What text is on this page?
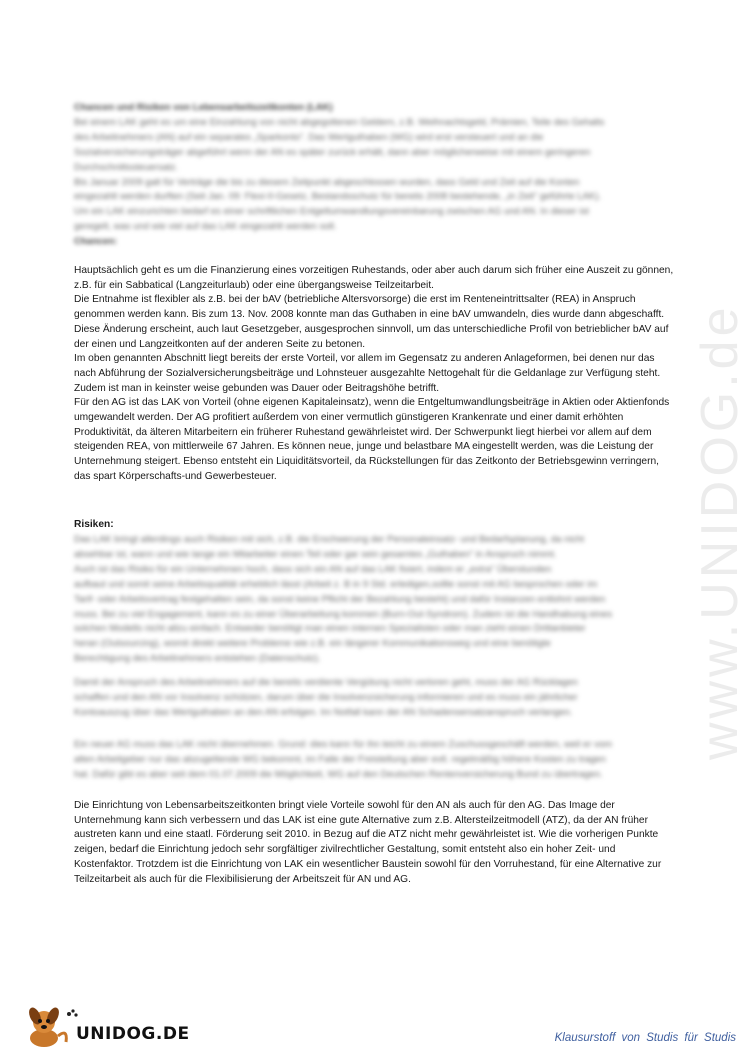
www.UNIDOG.de
Chancen und Risiken von Lebensarbeitszeitkonten (LAK)
Bei einem LAK geht es um eine Einzahlung von nicht abgegoltenen Geldern, z.B. Weihnachtsgeld, Prämien, Teile des Gehalts
des Arbeitnehmers (AN) auf ein separates „Sparkonto“. Das Wertguthaben (WG) wird erst versteuert und an die
Sozialversicherungsträger abgeführt wenn der AN es später zurück erhält, dann aber möglicherweise mit einem geringeren
Durchschnittssteuersatz.
Bis Januar 2009 galt für Verträge die bis zu diesem Zeitpunkt abgeschlossen wurden, dass Geld und Zeit auf die Konten
eingezahlt werden durften (Seit Jan. 09: Flexi-II-Gesetz, Bestandsschutz für bereits 2008 bestehende, „in Zeit“ geführte LAK).
Um ein LAK einzurichten bedarf es einer schriftlichen Entgeltumwandlungsvereinbarung zwischen AG und AN. In dieser ist
geregelt, was und wie viel auf das LAK eingezahlt werden soll.
Chancen:

Hauptsächlich geht es um die Finanzierung eines vorzeitigen Ruhestands, oder aber auch darum sich früher eine Auszeit zu gönnen, z.B. für ein Sabbatical (Langzeiturlaub) oder eine übergangsweise Teilzeitarbeit.

Die Entnahme ist flexibler als z.B. bei der bAV (betriebliche Altersvorsorge) die erst im Renteneintrittsalter (REA) in Anspruch genommen werden kann. Bis zum 13. Nov. 2008 konnte man das Guthaben in eine bAV umwandeln, dies wurde dann abgeschafft. Diese Änderung erscheint, auch laut Gesetzgeber, ausgesprochen sinnvoll, um das unterschiedliche Profil von betrieblicher bAV auf der einen und Langzeitkonten auf der anderen Seite zu betonen.

Im oben genannten Abschnitt liegt bereits der erste Vorteil, vor allem im Gegensatz zu anderen Anlageformen, bei denen nur das nach Abführung der Sozialversicherungsbeiträge und Lohnsteuer ausgezahlte Nettogehalt für die Geldanlage zur Verfügung steht. Zudem ist man in keinster weise gebunden was Dauer oder Beitragshöhe betrifft.

Für den AG ist das LAK von Vorteil (ohne eigenen Kapitaleinsatz), wenn die Entgeltumwandlungsbeiträge in Aktien oder Aktienfonds umgewandelt werden. Der AG profitiert außerdem von einer vermutlich günstigeren Krankenrate und einer damit erhöhten Produktivität, da älteren Mitarbeitern ein früherer Ruhestand gewährleistet wird. Der Schwerpunkt liegt hierbei vor allem auf dem steigenden REA, von mittlerweile 67 Jahren. Es können neue, junge und belastbare MA eingestellt werden, was die Leistung der Unternehmung steigert. Ebenso entsteht ein Liquiditätsvorteil, da Rückstellungen für das Zeitkonto der Betriebsgewinn verringern, das spart Körperschafts-und Gewerbesteuer.

Risiken:
Das LAK bringt allerdings auch Risiken mit sich, z.B. die Erschwerung der Personaleinsatz- und Bedarfsplanung, da nicht
absehbar ist, wann und wie lange ein Mitarbeiter einen Teil oder gar sein gesamtes „Guthaben“ in Anspruch nimmt.
Auch ist das Risiko für ein Unternehmen hoch, dass sich ein AN auf das LAK fixiert, indem er „extra“ Überstunden
aufbaut und somit seine Arbeitsqualität erheblich lässt (Arbeit z. B in 9 Std. erledigen,sollte sonst mit AG besprochen oder im
Tarif- oder Arbeitsvertrag festgehalten sein, da sonst keine Pflicht der Bezahlung besteht) und dafür Instanzen entlohnt werden
muss. Bei zu viel Engagement, kann es zu einer Überarbeitung kommen (Burn-Out-Syndrom). Zudem ist die Handhabung eines
solchen Modells nicht allzu einfach. Entweder benötigt man einen internen Spezialisten oder man zieht einen Drittanbieter
heran (Outsourcing), womit direkt weitere Probleme wie z.B. ein längerer Kommunikationsweg und eine benötigte
Berechtigung des Arbeitnehmers entstehen (Datenschutz).
Damit der Anspruch des Arbeitnehmers auf die bereits verdiente Vergütung nicht verloren geht, muss der AG Rücklagen
schaffen und den AN vor Insolvenz schützen, darum über die Insolvenzsicherung informieren und es muss ein jährlicher
Kontoauszug über das Wertguthaben an den AN erfolgen. Im Notfall kann der AN Schadensersatzanspruch verlangen.
Ein neuer AG muss das LAK nicht übernehmen. Grund: dies kann für ihn leicht zu einem Zuschussgeschäft werden, weil er vom
alten Arbeitgeber nur das abzugeltende WG bekommt, im Falle der Freistellung aber evtl. regelmäßig höhere Kosten zu tragen
hat. Dafür gibt es aber seit dem 01.07.2009 die Möglichkeit, WG auf den Deutschen Rentenversicherung Bund zu übertragen.

Die Einrichtung von Lebensarbeitszeitkonten bringt viele Vorteile sowohl für den AN als auch für den AG. Das Image der Unternehmung kann sich verbessern und das LAK ist eine gute Alternative zum z.B. Altersteilzeitmodell (ATZ), da der AN früher austreten kann und eine staatl. Förderung seit 2010. in Bezug auf die ATZ nicht mehr gewährleistet ist. Wie die vorherigen Punkte zeigen, bedarf die Einrichtung jedoch sehr sorgfältiger zivilrechtlicher Gestaltung, somit entsteht also ein hoher Zeit- und Kostenfaktor. Trotzdem ist die Einrichtung von LAK ein wesentlicher Baustein sowohl für den Vorruhestand, für eine Alternative zur Teilzeitarbeit als auch für die Flexibilisierung der Arbeitszeit für AN und AG.

UNIDOG.DE	Klausurstoff von Studis für Studis
